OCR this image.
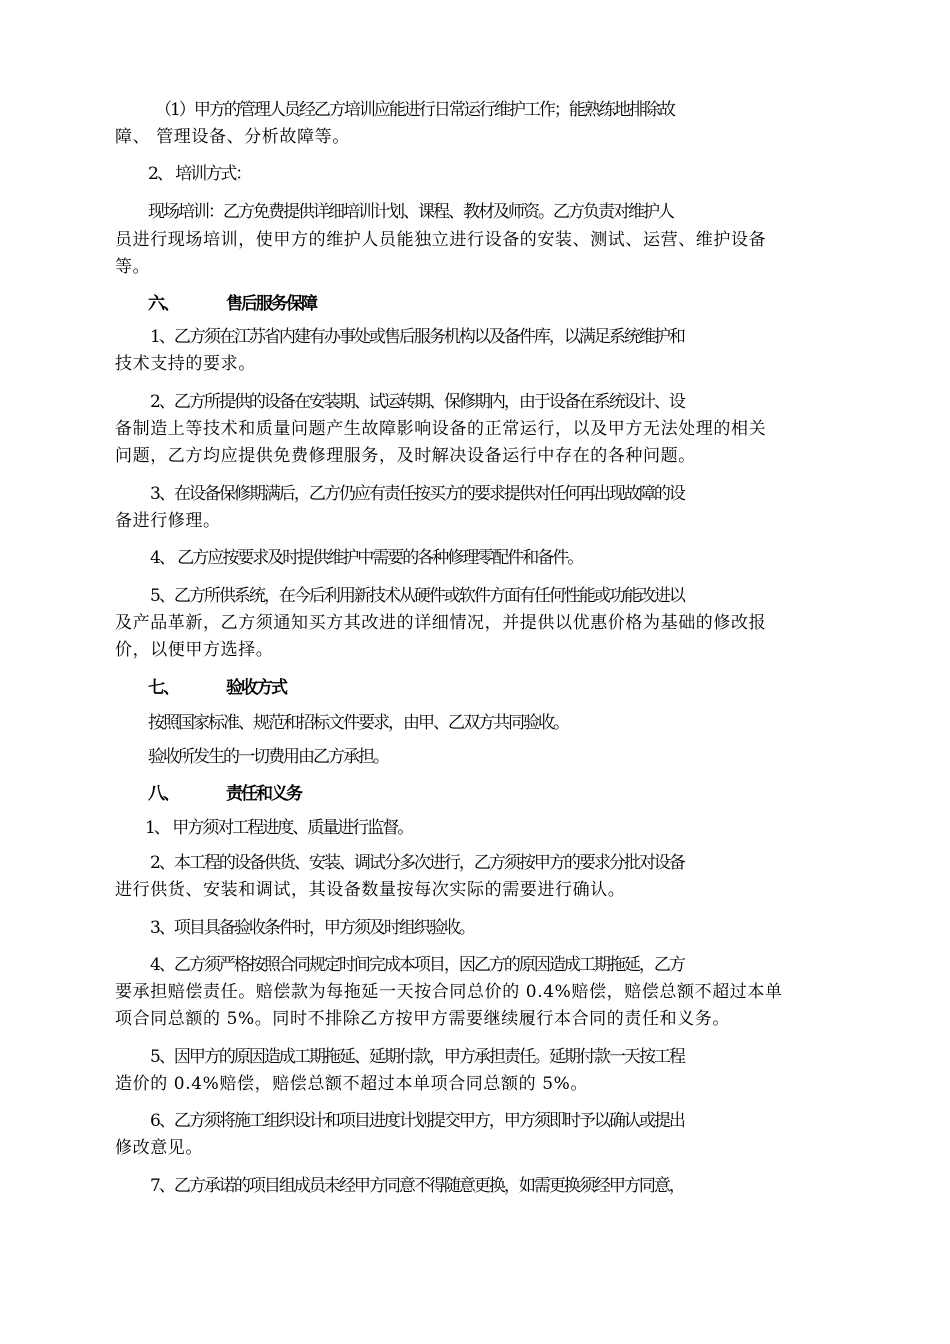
（1）甲方的管理人员经乙方培训应能进行日常运行维护工作；能熟练地排除故
障、 管理设备、分析故障等。
2、 培训方式：
现场培训：乙方免费提供详细培训计划、课程、教材及师资。乙方负责对维护人
员进行现场培训，使甲方的维护人员能独立进行设备的安装、测试、运营、维护设备
等。
六、	售后服务保障
1、乙方须在江苏省内建有办事处或售后服务机构以及备件库，以满足系统维护和
技术支持的要求。
2、乙方所提供的设备在安装期、试运转期、保修期内，由于设备在系统设计、设
备制造上等技术和质量问题产生故障影响设备的正常运行，以及甲方无法处理的相关
问题，乙方均应提供免费修理服务，及时解决设备运行中存在的各种问题。
3、在设备保修期满后，乙方仍应有责任按买方的要求提供对任何再出现故障的设
备进行修理。
4、 乙方应按要求及时提供维护中需要的各种修理零配件和备件。
5、乙方所供系统，在今后利用新技术从硬件或软件方面有任何性能或功能改进以
及产品革新，乙方须通知买方其改进的详细情况，并提供以优惠价格为基础的修改报
价，以便甲方选择。
七、	验收方式
按照国家标准、规范和招标文件要求，由甲、乙双方共同验收。
验收所发生的一切费用由乙方承担。
八、	责任和义务
1、 甲方须对工程进度、质量进行监督。
2、本工程的设备供货、安装、调试分多次进行，乙方须按甲方的要求分批对设备
进行供货、安装和调试，其设备数量按每次实际的需要进行确认。
3、项目具备验收条件时，甲方须及时组织验收。
4、乙方须严格按照合同规定时间完成本项目，因乙方的原因造成工期拖延，乙方
要承担赔偿责任。赔偿款为每拖延一天按合同总价的 0.4%赔偿，赔偿总额不超过本单
项合同总额的 5%。同时不排除乙方按甲方需要继续履行本合同的责任和义务。
5、因甲方的原因造成工期拖延、延期付款，甲方承担责任。延期付款一天按工程
造价的 0.4%赔偿，赔偿总额不超过本单项合同总额的 5%。
6、乙方须将施工组织设计和项目进度计划提交甲方，甲方须即时予以确认或提出
修改意见。
7、乙方承诺的项目组成员未经甲方同意不得随意更换，如需更换须经甲方同意，
